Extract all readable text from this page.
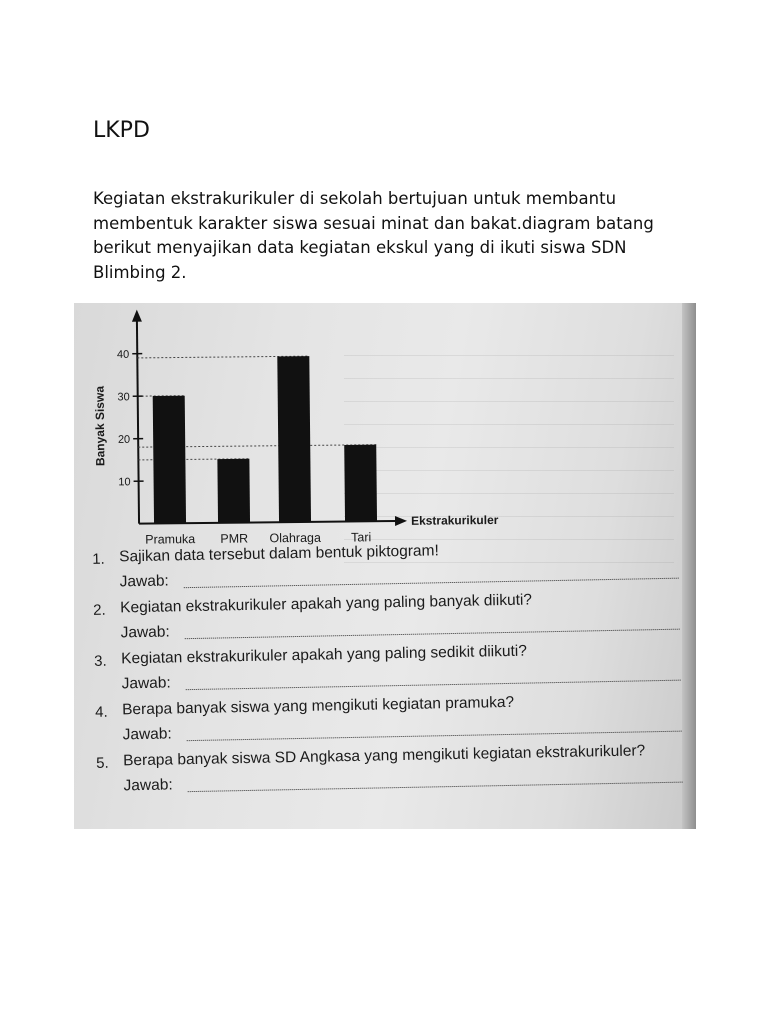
LKPD

Kegiatan ekstrakurikuler di sekolah bertujuan untuk membantu membentuk karakter siswa sesuai minat dan bakat.diagram batang berikut menyajikan data kegiatan ekskul yang di ikuti siswa SDN Blimbing 2.

10
20
30
40
Pramuka PMR Olahraga Tari
Banyak Siswa
Ekstrakurikuler
1. Sajikan data tersebut dalam bentuk piktogram!
Jawab:
2. Kegiatan ekstrakurikuler apakah yang paling banyak diikuti?
Jawab:
3. Kegiatan ekstrakurikuler apakah yang paling sedikit diikuti?
Jawab:
4. Berapa banyak siswa yang mengikuti kegiatan pramuka?
Jawab:
5. Berapa banyak siswa SD Angkasa yang mengikuti kegiatan ekstrakurikuler?
Jawab:
